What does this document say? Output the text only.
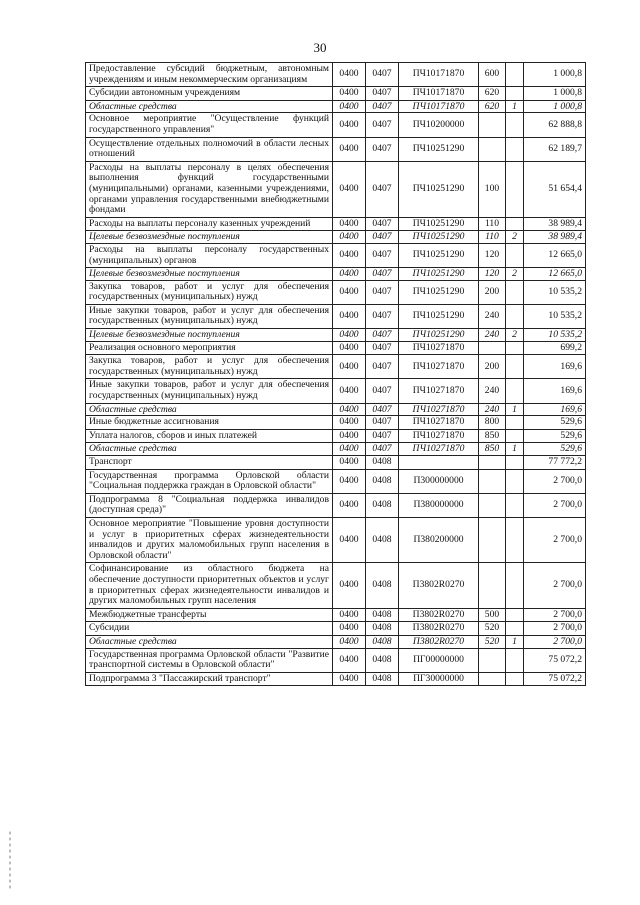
30
Предоставление субсидий бюджетным, автономным учреждениям и иным некоммерческим организациям	0400	0407	ПЧ10171870	600		1 000,8
Субсидии автономным учреждениям	0400	0407	ПЧ10171870	620		1 000,8
Областные средства	0400	0407	ПЧ10171870	620	1	1 000,8
Основное мероприятие "Осуществление функций государственного управления"	0400	0407	ПЧ10200000			62 888,8
Осуществление отдельных полномочий в области лесных отношений	0400	0407	ПЧ10251290			62 189,7
Расходы на выплаты персоналу в целях обеспечения выполнения функций государственными (муниципальными) органами, казенными учреждениями, органами управления государственными внебюджетными фондами	0400	0407	ПЧ10251290	100		51 654,4
Расходы на выплаты персоналу казенных учреждений	0400	0407	ПЧ10251290	110		38 989,4
Целевые безвозмездные поступления	0400	0407	ПЧ10251290	110	2	38 989,4
Расходы на выплаты персоналу государственных (муниципальных) органов	0400	0407	ПЧ10251290	120		12 665,0
Целевые безвозмездные поступления	0400	0407	ПЧ10251290	120	2	12 665,0
Закупка товаров, работ и услуг для обеспечения государственных (муниципальных) нужд	0400	0407	ПЧ10251290	200		10 535,2
Иные закупки товаров, работ и услуг для обеспечения государственных (муниципальных) нужд	0400	0407	ПЧ10251290	240		10 535,2
Целевые безвозмездные поступления	0400	0407	ПЧ10251290	240	2	10 535,2
Реализация основного мероприятия	0400	0407	ПЧ10271870			699,2
Закупка товаров, работ и услуг для обеспечения государственных (муниципальных) нужд	0400	0407	ПЧ10271870	200		169,6
Иные закупки товаров, работ и услуг для обеспечения государственных (муниципальных) нужд	0400	0407	ПЧ10271870	240		169,6
Областные средства	0400	0407	ПЧ10271870	240	1	169,6
Иные бюджетные ассигнования	0400	0407	ПЧ10271870	800		529,6
Уплата налогов, сборов и иных платежей	0400	0407	ПЧ10271870	850		529,6
Областные средства	0400	0407	ПЧ10271870	850	1	529,6
Транспорт	0400	0408				77 772,2
Государственная программа Орловской области "Социальная поддержка граждан в Орловской области"	0400	0408	П300000000			2 700,0
Подпрограмма 8 "Социальная поддержка инвалидов (доступная среда)"	0400	0408	П380000000			2 700,0
Основное мероприятие "Повышение уровня доступности и услуг в приоритетных сферах жизнедеятельности инвалидов и других маломобильных групп населения в Орловской области"	0400	0408	П380200000			2 700,0
Софинансирование из областного бюджета на обеспечение доступности приоритетных объектов и услуг в приоритетных сферах жизнедеятельности инвалидов и других маломобильных групп населения	0400	0408	П3802R0270			2 700,0
Межбюджетные трансферты	0400	0408	П3802R0270	500		2 700,0
Субсидии	0400	0408	П3802R0270	520		2 700,0
Областные средства	0400	0408	П3802R0270	520	1	2 700,0
Государственная программа Орловской области "Развитие транспортной системы в Орловской области"	0400	0408	ПГ00000000			75 072,2
Подпрограмма 3 "Пассажирский транспорт"	0400	0408	ПГ30000000			75 072,2
